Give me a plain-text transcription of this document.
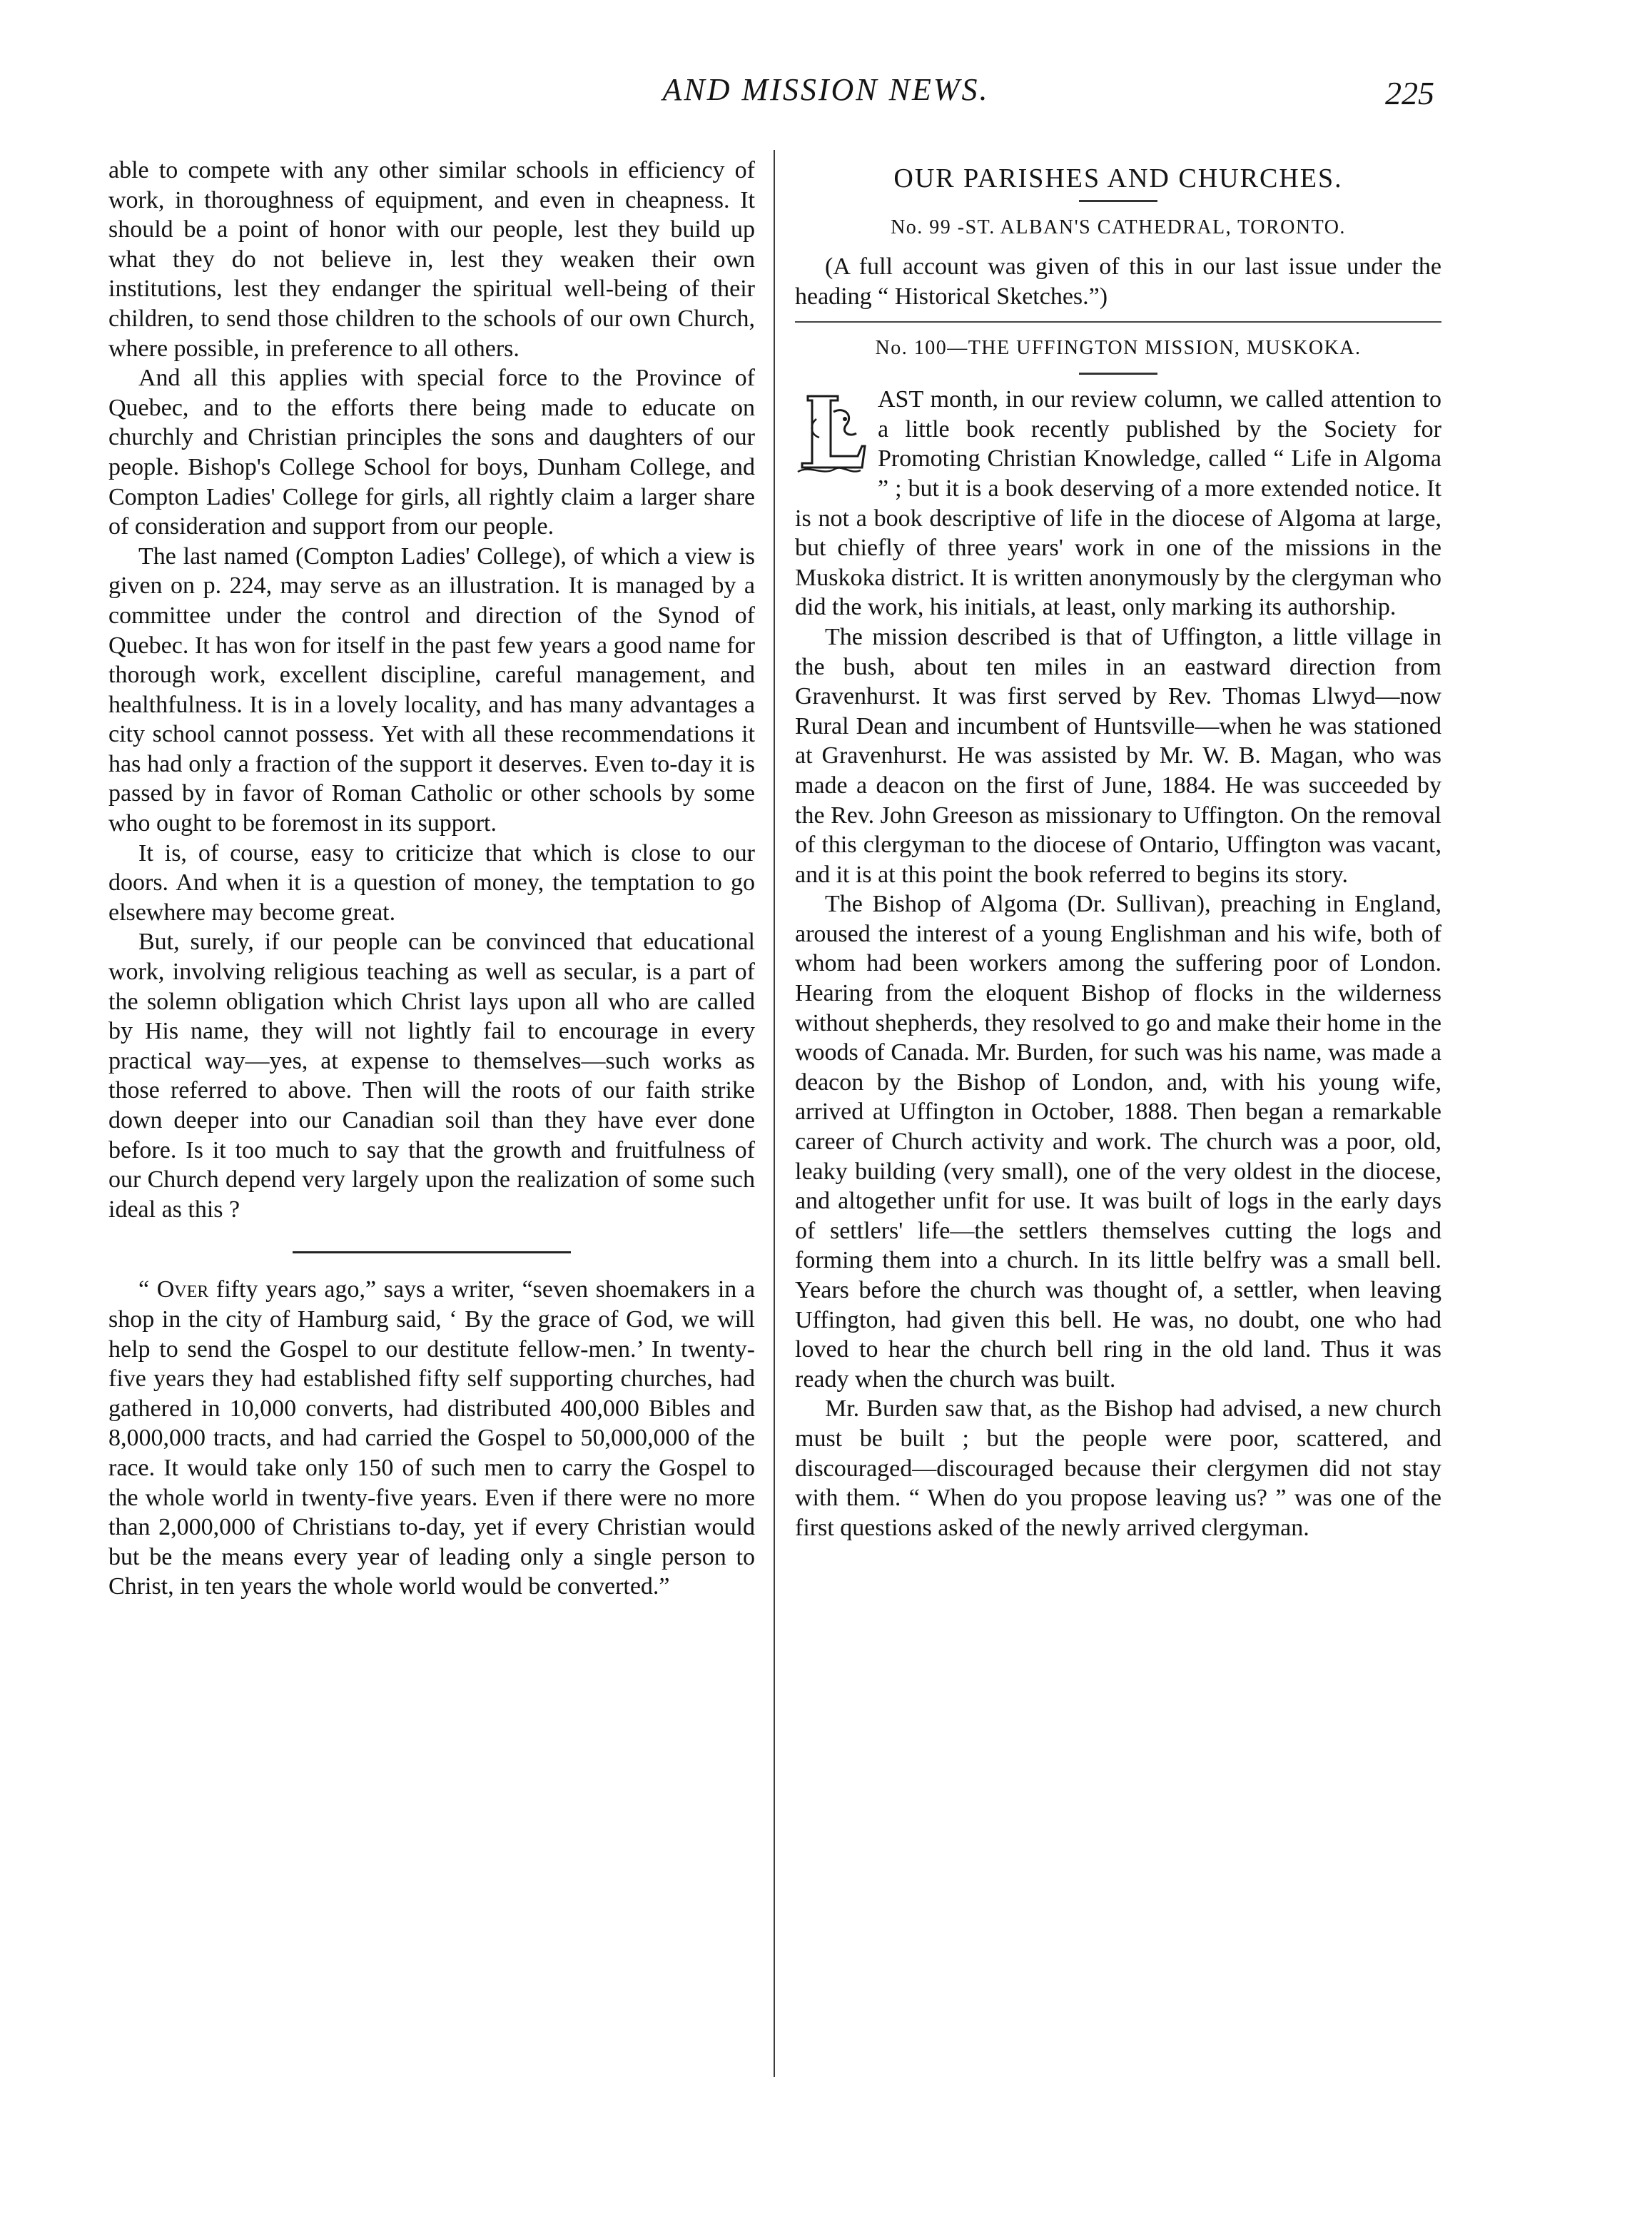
AND MISSION NEWS.	225

able to compete with any other similar schools in efficiency of work, in thoroughness of equipment, and even in cheapness. It should be a point of honor with our people, lest they build up what they do not believe in, lest they weaken their own institutions, lest they endanger the spiritual well-being of their children, to send those children to the schools of our own Church, where possible, in preference to all others.

And all this applies with special force to the Province of Quebec, and to the efforts there being made to educate on churchly and Christian principles the sons and daughters of our people. Bishop's College School for boys, Dunham College, and Compton Ladies' College for girls, all rightly claim a larger share of consideration and support from our people.

The last named (Compton Ladies' College), of which a view is given on p. 224, may serve as an illustration. It is managed by a committee under the control and direction of the Synod of Quebec. It has won for itself in the past few years a good name for thorough work, excellent discipline, careful management, and healthfulness. It is in a lovely locality, and has many advantages a city school cannot possess. Yet with all these recommendations it has had only a fraction of the support it deserves. Even to-day it is passed by in favor of Roman Catholic or other schools by some who ought to be foremost in its support.

It is, of course, easy to criticize that which is close to our doors. And when it is a question of money, the temptation to go elsewhere may become great.

But, surely, if our people can be convinced that educational work, involving religious teaching as well as secular, is a part of the solemn obligation which Christ lays upon all who are called by His name, they will not lightly fail to encourage in every practical way—yes, at expense to themselves—such works as those referred to above. Then will the roots of our faith strike down deeper into our Canadian soil than they have ever done before. Is it too much to say that the growth and fruitfulness of our Church depend very largely upon the realization of some such ideal as this ?

“ Over fifty years ago,” says a writer, “seven shoemakers in a shop in the city of Hamburg said, ‘ By the grace of God, we will help to send the Gospel to our destitute fellow-men.’ In twenty-five years they had established fifty self supporting churches, had gathered in 10,000 converts, had distributed 400,000 Bibles and 8,000,000 tracts, and had carried the Gospel to 50,000,000 of the race. It would take only 150 of such men to carry the Gospel to the whole world in twenty-five years. Even if there were no more than 2,000,000 of Christians to-day, yet if every Christian would but be the means every year of leading only a single person to Christ, in ten years the whole world would be converted.”

OUR PARISHES AND CHURCHES.
No. 99 -ST. ALBAN'S CATHEDRAL, TORONTO.
(A full account was given of this in our last issue under the heading “ Historical Sketches.”)
No. 100—THE UFFINGTON MISSION, MUSKOKA.

AST month, in our review column, we called attention to a little book recently published by the Society for Promoting Christian Knowledge, called “ Life in Algoma ” ; but it is a book deserving of a more extended notice. It is not a book descriptive of life in the diocese of Algoma at large, but chiefly of three years' work in one of the missions in the Muskoka district. It is written anonymously by the clergyman who did the work, his initials, at least, only marking its authorship.

The mission described is that of Uffington, a little village in the bush, about ten miles in an eastward direction from Gravenhurst. It was first served by Rev. Thomas Llwyd—now Rural Dean and incumbent of Huntsville—when he was stationed at Gravenhurst. He was assisted by Mr. W. B. Magan, who was made a deacon on the first of June, 1884. He was succeeded by the Rev. John Greeson as missionary to Uffington. On the removal of this clergyman to the diocese of Ontario, Uffington was vacant, and it is at this point the book referred to begins its story.

The Bishop of Algoma (Dr. Sullivan), preaching in England, aroused the interest of a young Englishman and his wife, both of whom had been workers among the suffering poor of London. Hearing from the eloquent Bishop of flocks in the wilderness without shepherds, they resolved to go and make their home in the woods of Canada. Mr. Burden, for such was his name, was made a deacon by the Bishop of London, and, with his young wife, arrived at Uffington in October, 1888. Then began a remarkable career of Church activity and work. The church was a poor, old, leaky building (very small), one of the very oldest in the diocese, and altogether unfit for use. It was built of logs in the early days of settlers' life—the settlers themselves cutting the logs and forming them into a church. In its little belfry was a small bell. Years before the church was thought of, a settler, when leaving Uffington, had given this bell. He was, no doubt, one who had loved to hear the church bell ring in the old land. Thus it was ready when the church was built.

Mr. Burden saw that, as the Bishop had advised, a new church must be built ; but the people were poor, scattered, and discouraged—discouraged because their clergymen did not stay with them. “ When do you propose leaving us? ” was one of the first questions asked of the newly arrived clergyman.
